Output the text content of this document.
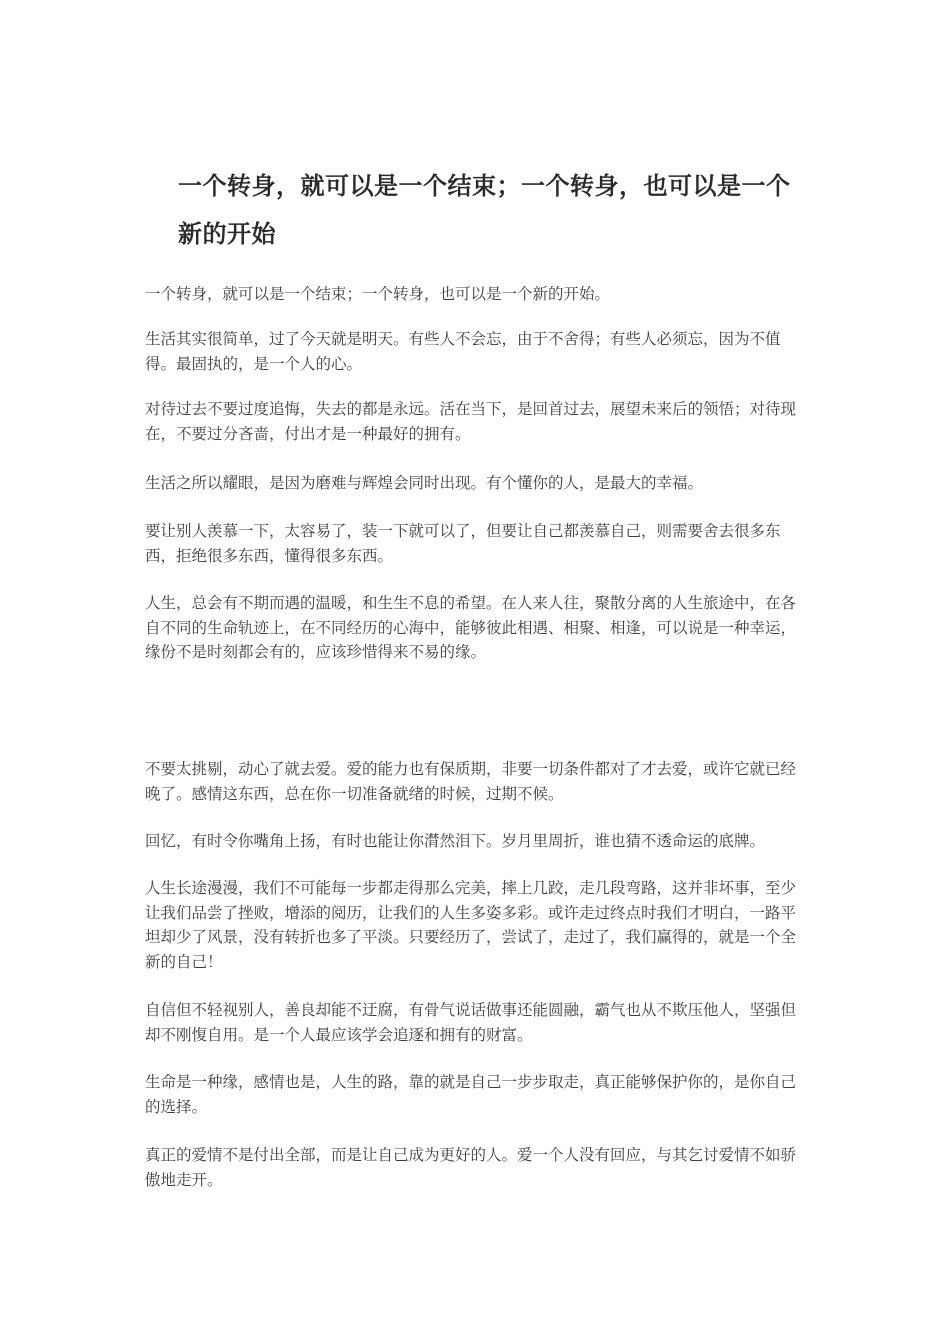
一个转身，就可以是一个结束；一个转身，也可以是一个新的开始

一个转身，就可以是一个结束；一个转身，也可以是一个新的开始。

生活其实很简单，过了今天就是明天。有些人不会忘，由于不舍得；有些人必须忘，因为不值得。最固执的，是一个人的心。

对待过去不要过度追悔，失去的都是永远。活在当下，是回首过去，展望未来后的领悟；对待现在，不要过分吝啬，付出才是一种最好的拥有。

生活之所以耀眼，是因为磨难与辉煌会同时出现。有个懂你的人，是最大的幸福。

要让别人羡慕一下，太容易了，装一下就可以了，但要让自己都羡慕自己，则需要舍去很多东西，拒绝很多东西，懂得很多东西。

人生，总会有不期而遇的温暖，和生生不息的希望。在人来人往，聚散分离的人生旅途中，在各自不同的生命轨迹上，在不同经历的心海中，能够彼此相遇、相聚、相逢，可以说是一种幸运，缘份不是时刻都会有的，应该珍惜得来不易的缘。

不要太挑剔，动心了就去爱。爱的能力也有保质期，非要一切条件都对了才去爱，或许它就已经晚了。感情这东西，总在你一切准备就绪的时候，过期不候。

回忆，有时令你嘴角上扬，有时也能让你潸然泪下。岁月里周折，谁也猜不透命运的底牌。

人生长途漫漫，我们不可能每一步都走得那么完美，摔上几跤，走几段弯路，这并非坏事，至少让我们品尝了挫败，增添的阅历，让我们的人生多姿多彩。或许走过终点时我们才明白，一路平坦却少了风景，没有转折也多了平淡。只要经历了，尝试了，走过了，我们赢得的，就是一个全新的自己！

自信但不轻视别人，善良却能不迂腐，有骨气说话做事还能圆融，霸气也从不欺压他人，坚强但却不刚愎自用。是一个人最应该学会追逐和拥有的财富。

生命是一种缘，感情也是，人生的路，靠的就是自己一步步取走，真正能够保护你的，是你自己的选择。

真正的爱情不是付出全部，而是让自己成为更好的人。爱一个人没有回应，与其乞讨爱情不如骄傲地走开。
